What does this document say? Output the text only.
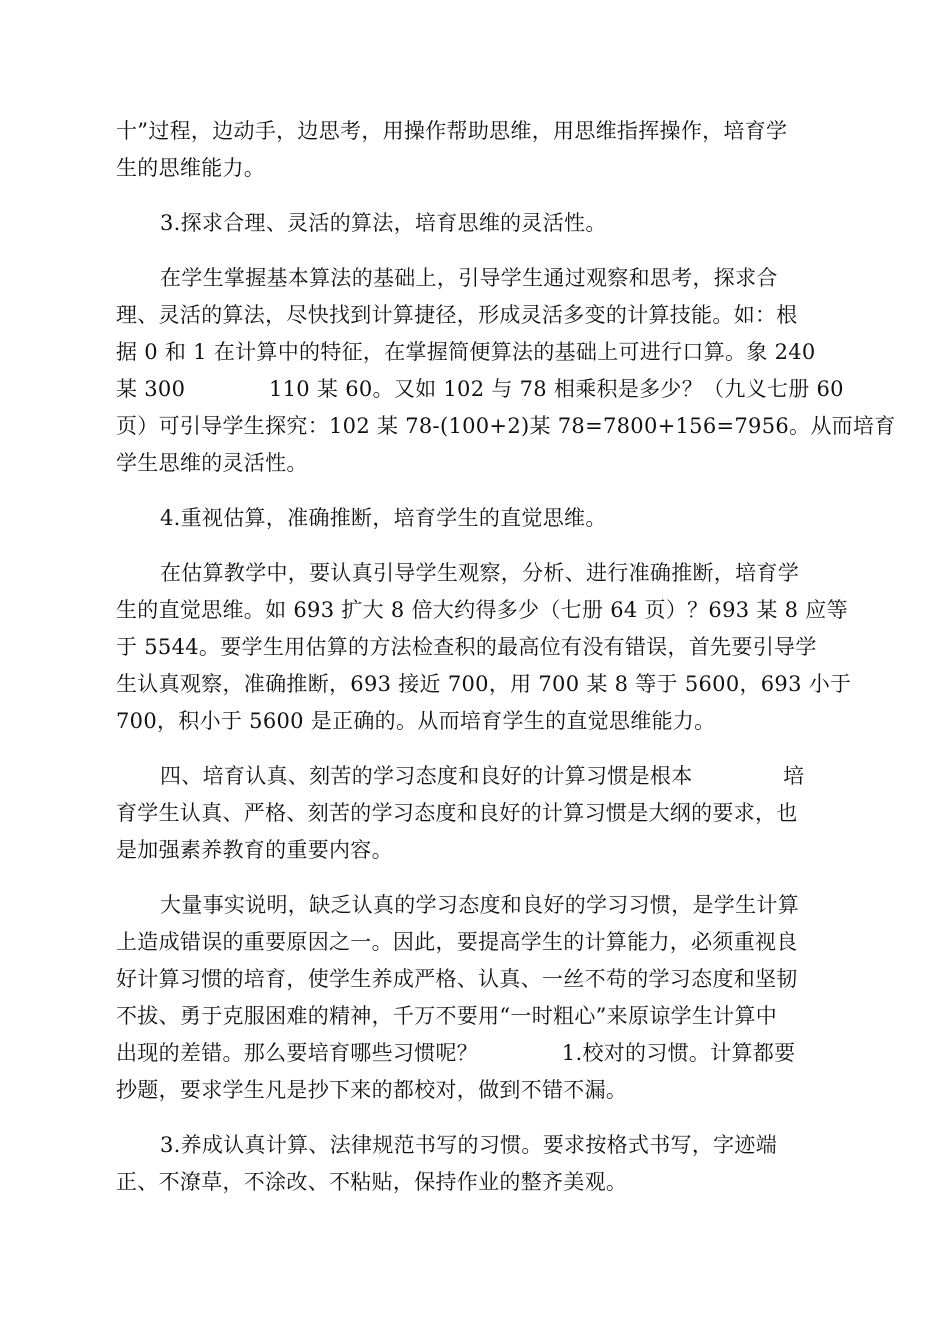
十”过程，边动手，边思考，用操作帮助思维，用思维指挥操作，培育学
生的思维能力。
3.探求合理、灵活的算法，培育思维的灵活性。
在学生掌握基本算法的基础上，引导学生通过观察和思考，探求合
理、灵活的算法，尽快找到计算捷径，形成灵活多变的计算技能。如：根
据 0 和 1 在计算中的特征，在掌握简便算法的基础上可进行口算。象 240
某 300            110 某 60。又如 102 与 78 相乘积是多少？（九义七册 60
页）可引导学生探究：102 某 78-(100+2)某 78=7800+156=7956。从而培育
学生思维的灵活性。
4.重视估算，准确推断，培育学生的直觉思维。
在估算教学中，要认真引导学生观察，分析、进行准确推断，培育学
生的直觉思维。如 693 扩大 8 倍大约得多少（七册 64 页）？693 某 8 应等
于 5544。要学生用估算的方法检查积的最高位有没有错误，首先要引导学
生认真观察，准确推断，693 接近 700，用 700 某 8 等于 5600，693 小于
700，积小于 5600 是正确的。从而培育学生的直觉思维能力。
四、培育认真、刻苦的学习态度和良好的计算习惯是根本             培
育学生认真、严格、刻苦的学习态度和良好的计算习惯是大纲的要求，也
是加强素养教育的重要内容。
大量事实说明，缺乏认真的学习态度和良好的学习习惯，是学生计算
上造成错误的重要原因之一。因此，要提高学生的计算能力，必须重视良
好计算习惯的培育，使学生养成严格、认真、一丝不苟的学习态度和坚韧
不拔、勇于克服困难的精神，千万不要用“一时粗心”来原谅学生计算中
出现的差错。那么要培育哪些习惯呢？            1.校对的习惯。计算都要
抄题，要求学生凡是抄下来的都校对，做到不错不漏。
3.养成认真计算、法律规范书写的习惯。要求按格式书写，字迹端
正、不潦草，不涂改、不粘贴，保持作业的整齐美观。
